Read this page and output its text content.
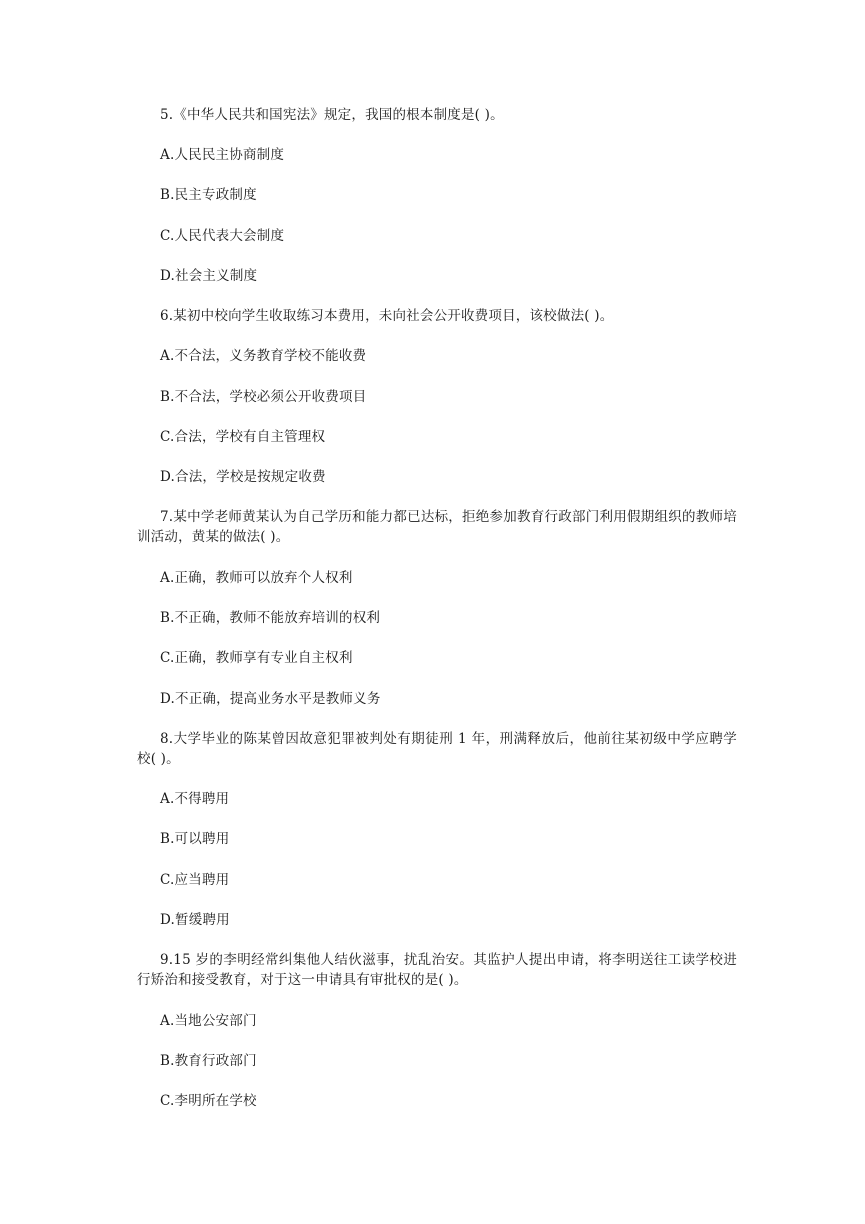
5.《中华人民共和国宪法》规定，我国的根本制度是( )。
A.人民民主协商制度
B.民主专政制度
C.人民代表大会制度
D.社会主义制度
6.某初中校向学生收取练习本费用，未向社会公开收费项目，该校做法( )。
A.不合法，义务教育学校不能收费
B.不合法，学校必须公开收费项目
C.合法，学校有自主管理权
D.合法，学校是按规定收费
7.某中学老师黄某认为自己学历和能力都已达标，拒绝参加教育行政部门利用假期组织的教师培训活动，黄某的做法( )。
A.正确，教师可以放弃个人权利
B.不正确，教师不能放弃培训的权利
C.正确，教师享有专业自主权利
D.不正确，提高业务水平是教师义务
8.大学毕业的陈某曾因故意犯罪被判处有期徒刑 1 年，刑满释放后，他前往某初级中学应聘学校( )。
A.不得聘用
B.可以聘用
C.应当聘用
D.暂缓聘用
9.15 岁的李明经常纠集他人结伙滋事，扰乱治安。其监护人提出申请，将李明送往工读学校进行矫治和接受教育，对于这一申请具有审批权的是( )。
A.当地公安部门
B.教育行政部门
C.李明所在学校
